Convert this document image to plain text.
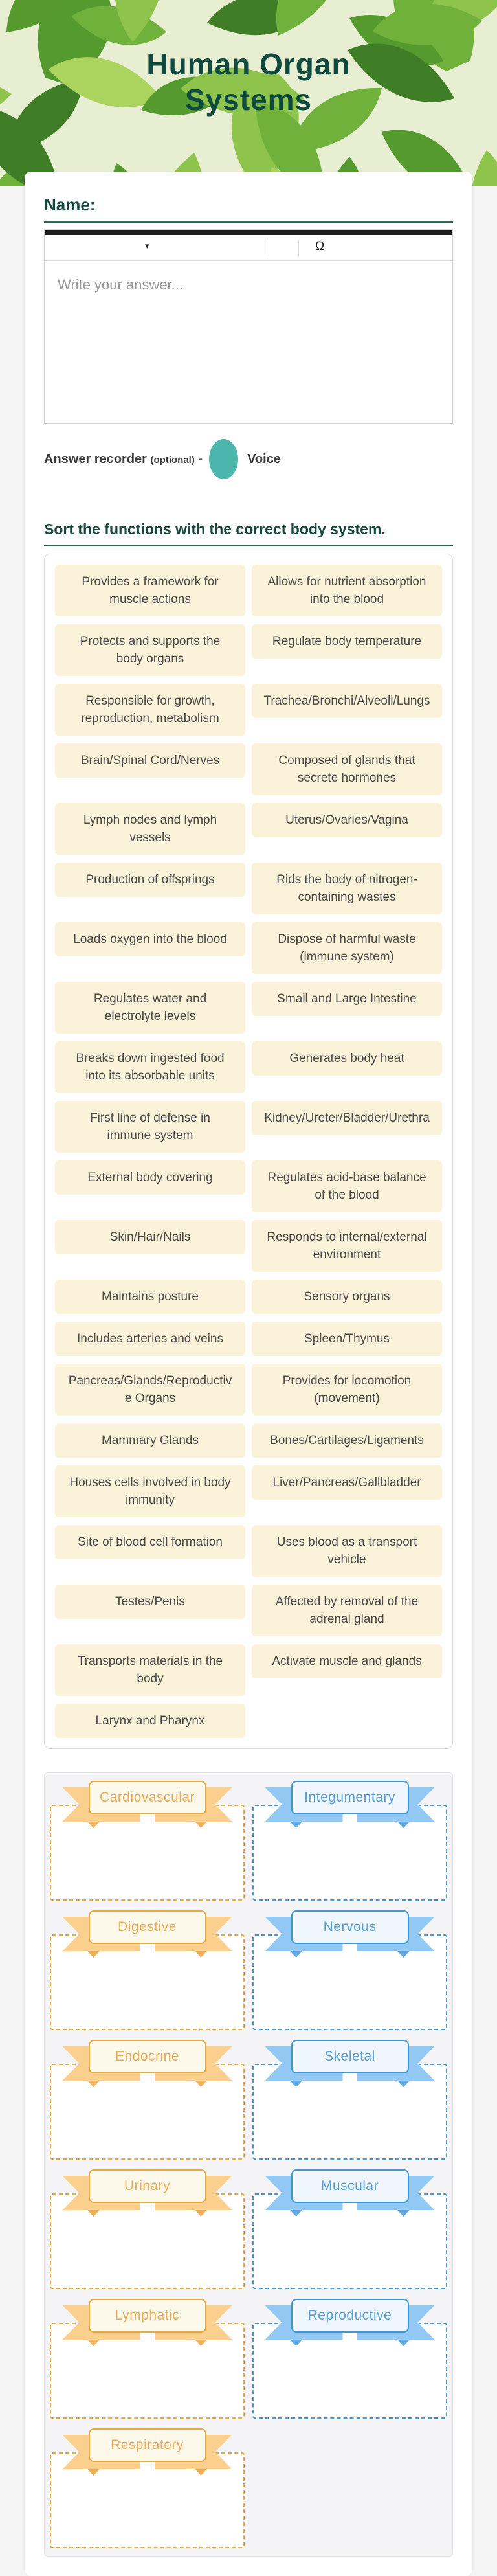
Human Organ Systems
Name:
▾	Ω
Write your answer...
Answer recorder (optional) -	Voice
Sort the functions with the correct body system.
Provides a framework for muscle actions
Allows for nutrient absorption into the blood
Protects and supports the body organs
Regulate body temperature
Responsible for growth, reproduction, metabolism
Trachea/Bronchi/Alveoli/Lungs
Brain/Spinal Cord/Nerves	Composed of glands that secrete hormones
Lymph nodes and lymph vessels
Uterus/Ovaries/Vagina
Production of offsprings	Rids the body of nitrogen-containing wastes
Loads oxygen into the blood	Dispose of harmful waste (immune system)
Regulates water and electrolyte levels
Small and Large Intestine
Breaks down ingested food into its absorbable units
Generates body heat
First line of defense in immune system
Kidney/Ureter/Bladder/Urethra
External body covering	Regulates acid-base balance of the blood
Skin/Hair/Nails	Responds to internal/external environment
Maintains posture	Sensory organs
Includes arteries and veins	Spleen/Thymus
Pancreas/Glands/Reproductive Organs
Provides for locomotion (movement)
Mammary Glands	Bones/Cartilages/Ligaments
Houses cells involved in body immunity
Liver/Pancreas/Gallbladder
Site of blood cell formation	Uses blood as a transport vehicle
Testes/Penis	Affected by removal of the adrenal gland
Transports materials in the body
Activate muscle and glands
Larynx and Pharynx
Cardiovascular	Integumentary
Digestive	Nervous
Endocrine	Skeletal
Urinary	Muscular
Lymphatic	Reproductive
Respiratory
